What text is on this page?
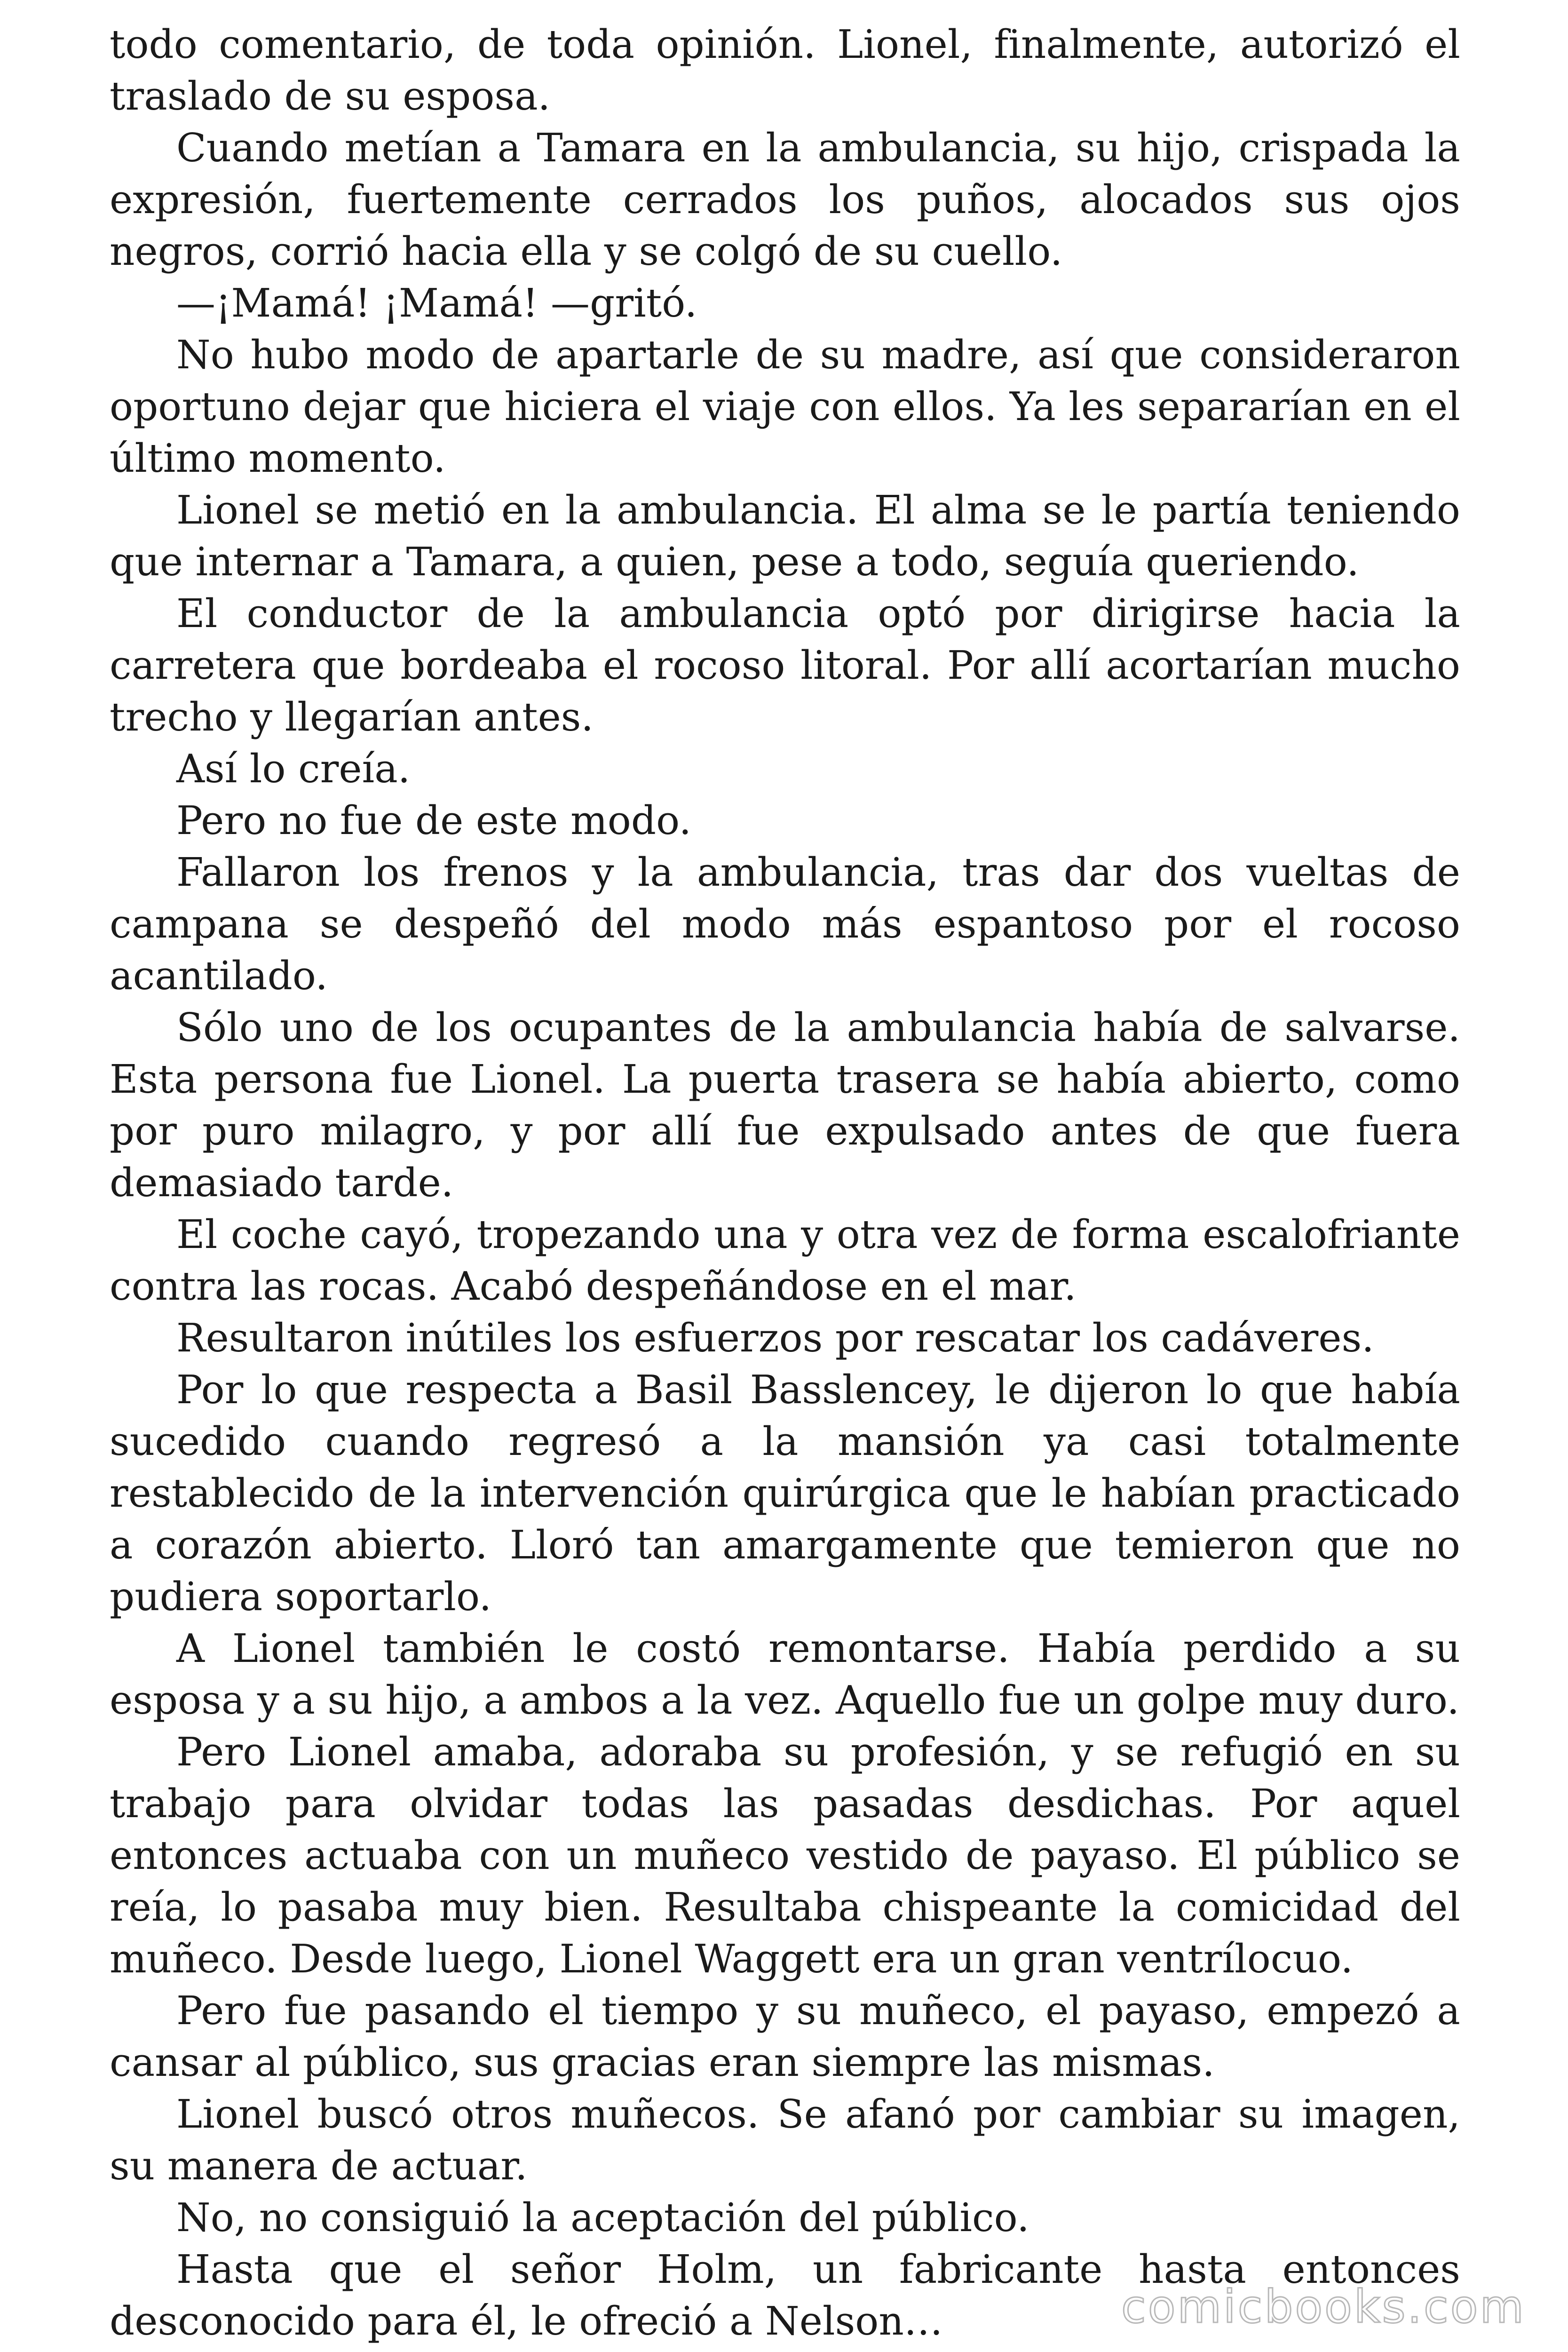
todo comentario, de toda opinión. Lionel, finalmente, autorizó el traslado de su esposa.

Cuando metían a Tamara en la ambulancia, su hijo, crispada la expresión, fuertemente cerrados los puños, alocados sus ojos negros, corrió hacia ella y se colgó de su cuello.

—¡Mamá! ¡Mamá! —gritó.

No hubo modo de apartarle de su madre, así que consideraron oportuno dejar que hiciera el viaje con ellos. Ya les separarían en el último momento.

Lionel se metió en la ambulancia. El alma se le partía teniendo que internar a Tamara, a quien, pese a todo, seguía queriendo.

El conductor de la ambulancia optó por dirigirse hacia la carretera que bordeaba el rocoso litoral. Por allí acortarían mucho trecho y llegarían antes.

Así lo creía.

Pero no fue de este modo.

Fallaron los frenos y la ambulancia, tras dar dos vueltas de campana se despeñó del modo más espantoso por el rocoso acantilado.

Sólo uno de los ocupantes de la ambulancia había de salvarse. Esta persona fue Lionel. La puerta trasera se había abierto, como por puro milagro, y por allí fue expulsado antes de que fuera demasiado tarde.

El coche cayó, tropezando una y otra vez de forma escalofriante contra las rocas. Acabó despeñándose en el mar.

Resultaron inútiles los esfuerzos por rescatar los cadáveres.

Por lo que respecta a Basil Basslencey, le dijeron lo que había sucedido cuando regresó a la mansión ya casi totalmente restablecido de la intervención quirúrgica que le habían practicado a corazón abierto. Lloró tan amargamente que temieron que no pudiera soportarlo.

A Lionel también le costó remontarse. Había perdido a su esposa y a su hijo, a ambos a la vez. Aquello fue un golpe muy duro.

Pero Lionel amaba, adoraba su profesión, y se refugió en su trabajo para olvidar todas las pasadas desdichas. Por aquel entonces actuaba con un muñeco vestido de payaso. El público se reía, lo pasaba muy bien. Resultaba chispeante la comicidad del muñeco. Desde luego, Lionel Waggett era un gran ventrílocuo.

Pero fue pasando el tiempo y su muñeco, el payaso, empezó a cansar al público, sus gracias eran siempre las mismas.

Lionel buscó otros muñecos. Se afanó por cambiar su imagen, su manera de actuar.

No, no consiguió la aceptación del público.

Hasta que el señor Holm, un fabricante hasta entonces desconocido para él, le ofreció a Nelson…	comicbooks.com
